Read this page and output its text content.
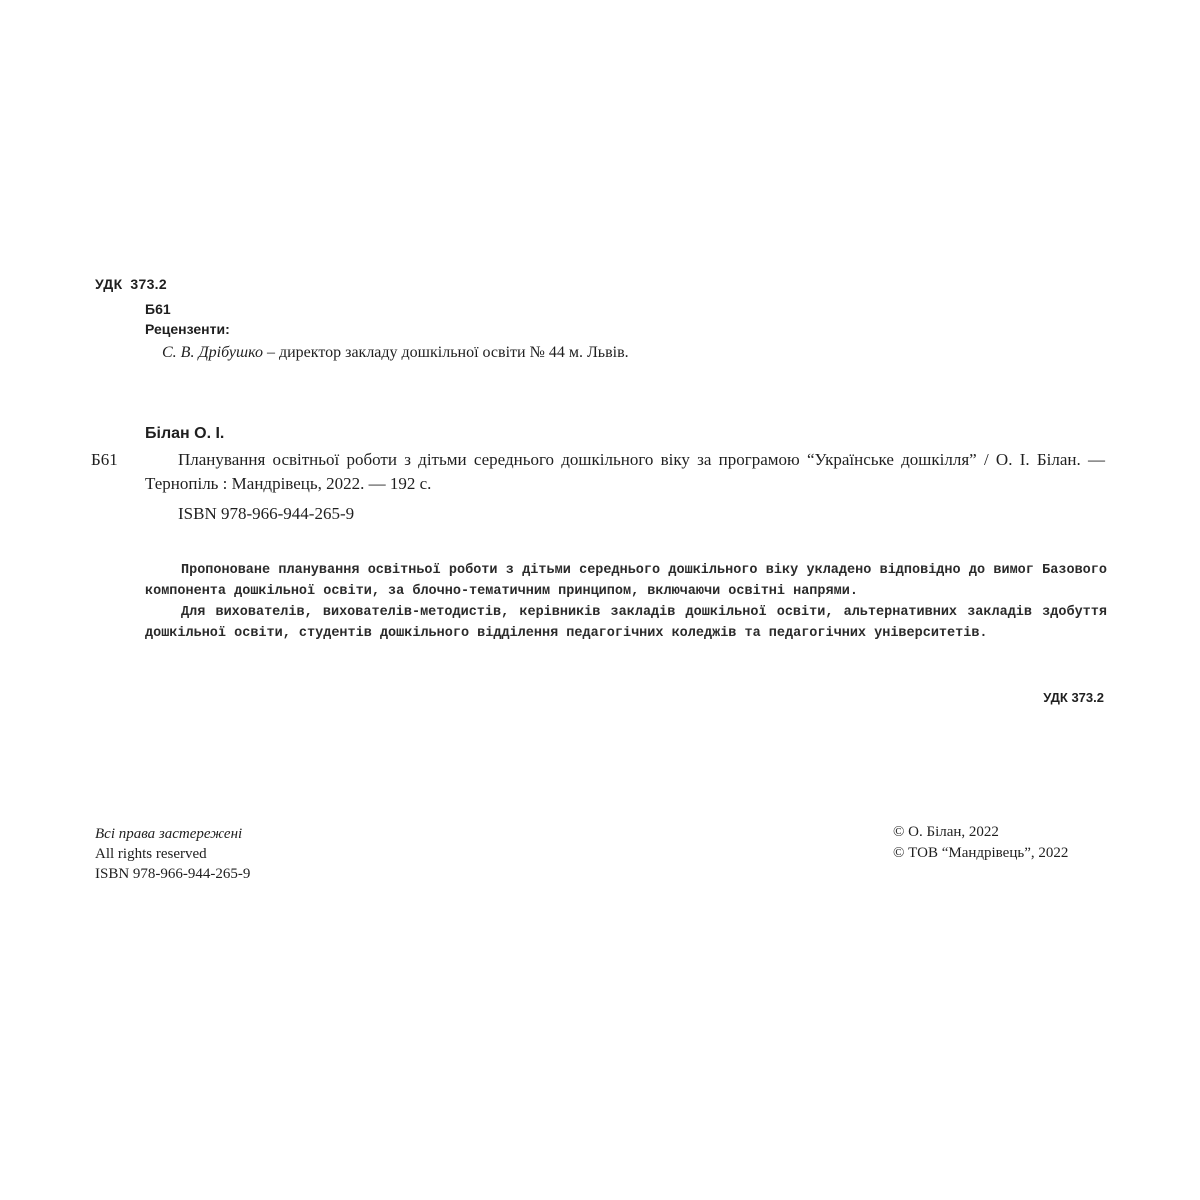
УДК 373.2
Б61
Рецензенти:
С. В. Дрібушко – директор закладу дошкільної освіти № 44 м. Львів.
Білан О. І.
Б61	Планування освітньої роботи з дітьми середнього дошкільного віку за програмою “Українське дошкілля” / О. І. Білан. — Тернопіль : Мандрівець, 2022. — 192 с.
ISBN 978-966-944-265-9

Пропоноване планування освітньої роботи з дітьми середнього дошкільного віку укладено відповідно до вимог Базового компонента дошкільної освіти, за блочно-тематичним принципом, включаючи освітні напрями.

Для вихователів, вихователів-методистів, керівників закладів дошкільної освіти, альтернативних закладів здобуття дошкільної освіти, студентів дошкільного відділення педагогічних коледжів та педагогічних університетів.

УДК 373.2
Всі права застережені
All rights reserved
ISBN 978-966-944-265-9
© О. Білан, 2022
© ТОВ “Мандрівець”, 2022
